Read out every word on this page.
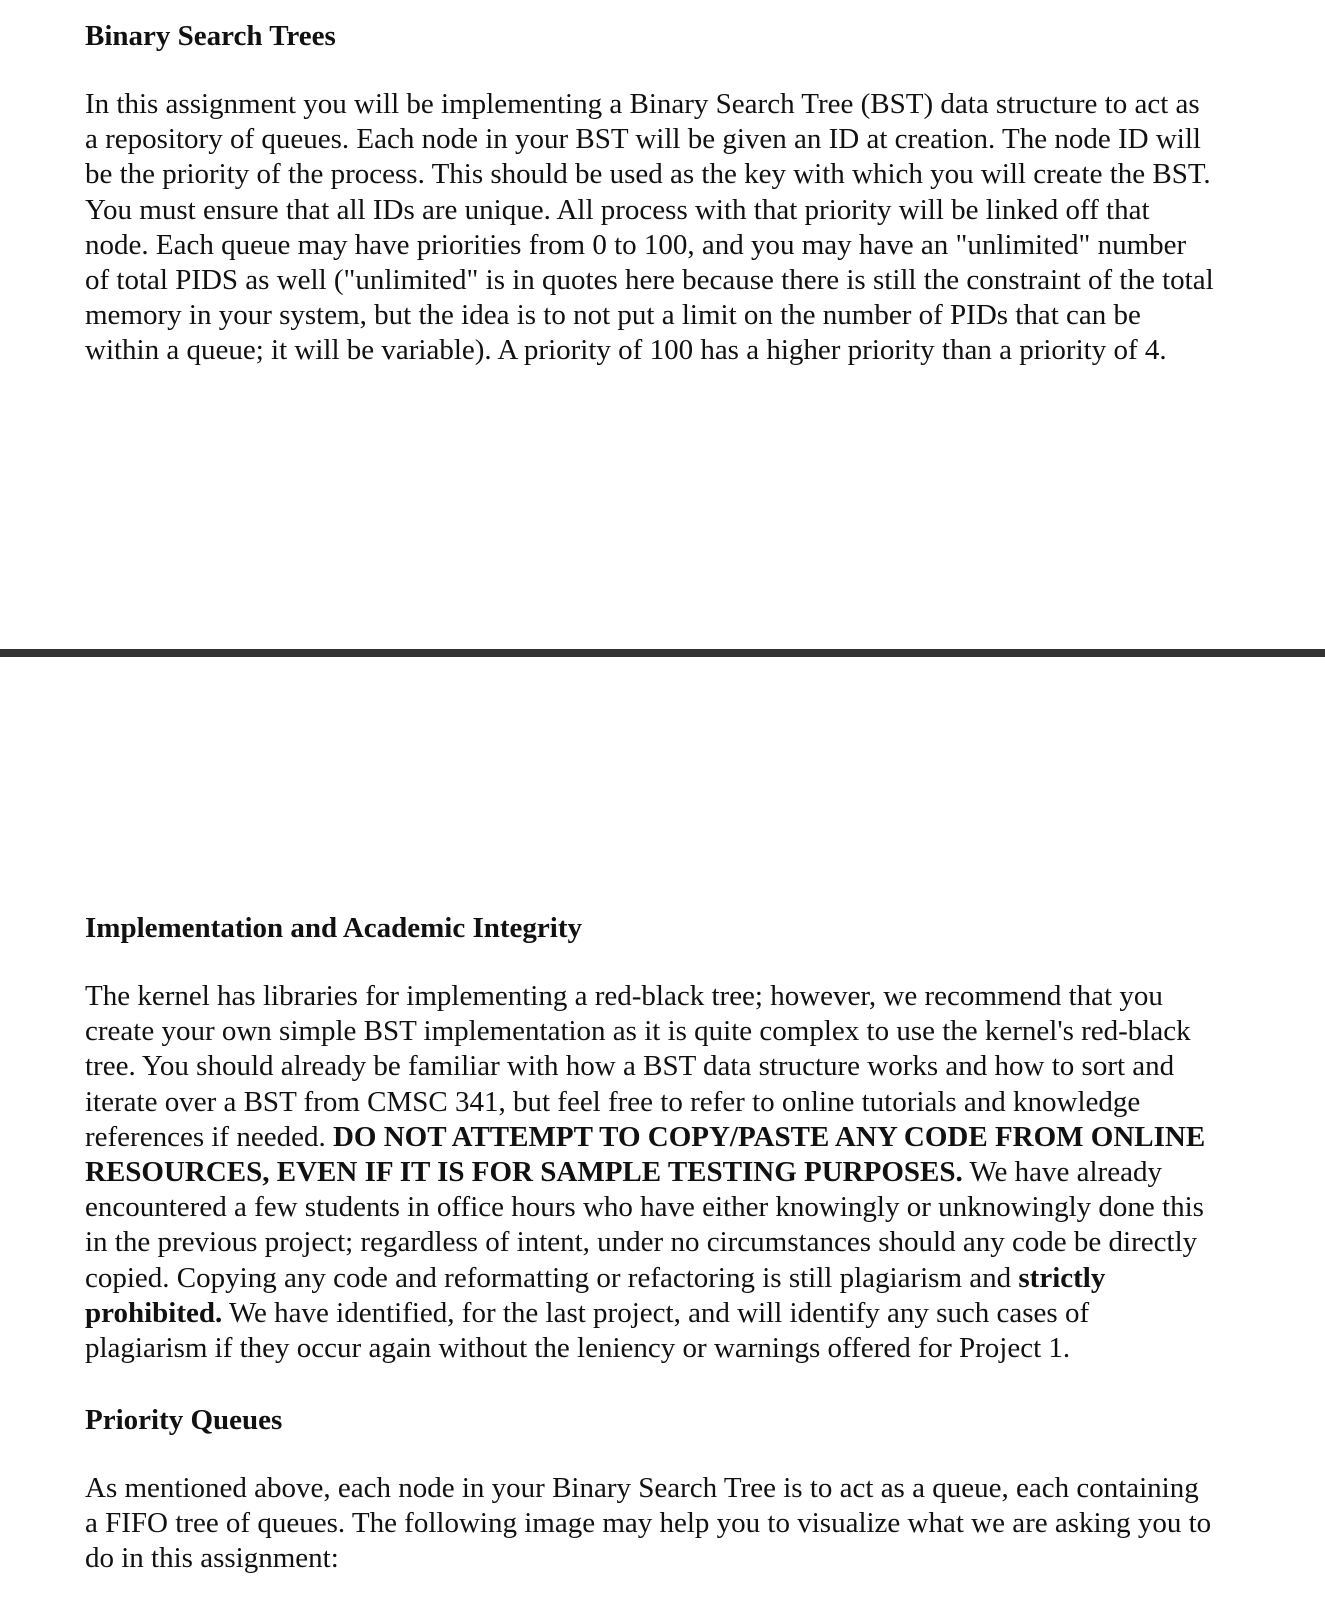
Binary Search Trees

In this assignment you will be implementing a Binary Search Tree (BST) data structure to act as
a repository of queues. Each node in your BST will be given an ID at creation. The node ID will
be the priority of the process. This should be used as the key with which you will create the BST.
You must ensure that all IDs are unique. All process with that priority will be linked off that
node. Each queue may have priorities from 0 to 100, and you may have an "unlimited" number
of total PIDS as well ("unlimited" is in quotes here because there is still the constraint of the total
memory in your system, but the idea is to not put a limit on the number of PIDs that can be
within a queue; it will be variable). A priority of 100 has a higher priority than a priority of 4.

Implementation and Academic Integrity

The kernel has libraries for implementing a red-black tree; however, we recommend that you
create your own simple BST implementation as it is quite complex to use the kernel's red-black
tree. You should already be familiar with how a BST data structure works and how to sort and
iterate over a BST from CMSC 341, but feel free to refer to online tutorials and knowledge
references if needed. DO NOT ATTEMPT TO COPY/PASTE ANY CODE FROM ONLINE
RESOURCES, EVEN IF IT IS FOR SAMPLE TESTING PURPOSES. We have already
encountered a few students in office hours who have either knowingly or unknowingly done this
in the previous project; regardless of intent, under no circumstances should any code be directly
copied. Copying any code and reformatting or refactoring is still plagiarism and strictly
prohibited. We have identified, for the last project, and will identify any such cases of
plagiarism if they occur again without the leniency or warnings offered for Project 1.

Priority Queues

As mentioned above, each node in your Binary Search Tree is to act as a queue, each containing
a FIFO tree of queues. The following image may help you to visualize what we are asking you to
do in this assignment:
